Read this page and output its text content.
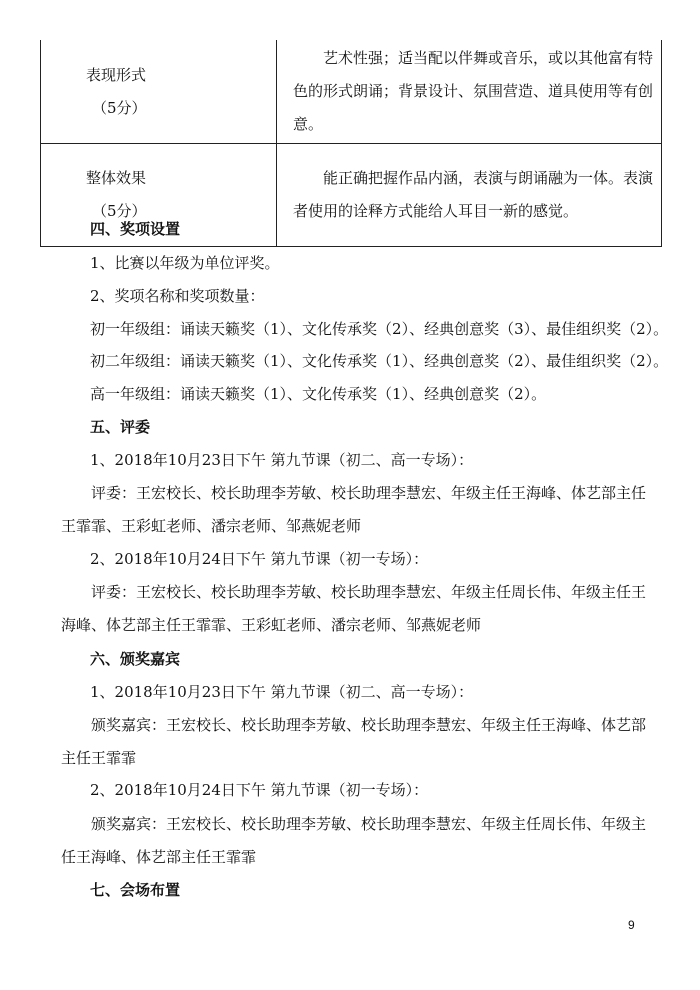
表现形式
（5分）	艺术性强；适当配以伴舞或音乐，或以其他富有特色的形式朗诵；背景设计、氛围营造、道具使用等有创意。
整体效果
（5分）	能正确把握作品内涵，表演与朗诵融为一体。表演者使用的诠释方式能给人耳目一新的感觉。
四、奖项设置
1、比赛以年级为单位评奖。
2、奖项名称和奖项数量：
初一年级组：诵读天籁奖（1）、文化传承奖（2）、经典创意奖（3）、最佳组织奖（2）。
初二年级组：诵读天籁奖（1）、文化传承奖（1）、经典创意奖（2）、最佳组织奖（2）。
高一年级组：诵读天籁奖（1）、文化传承奖（1）、经典创意奖（2）。
五、评委
1、2018年10月23日下午 第九节课（初二、高一专场）：
评委：王宏校长、校长助理李芳敏、校长助理李慧宏、年级主任王海峰、体艺部主任王霏霏、王彩虹老师、潘宗老师、邹燕妮老师
2、2018年10月24日下午 第九节课（初一专场）：
评委：王宏校长、校长助理李芳敏、校长助理李慧宏、年级主任周长伟、年级主任王海峰、体艺部主任王霏霏、王彩虹老师、潘宗老师、邹燕妮老师
六、颁奖嘉宾
1、2018年10月23日下午 第九节课（初二、高一专场）：
颁奖嘉宾：王宏校长、校长助理李芳敏、校长助理李慧宏、年级主任王海峰、体艺部主任王霏霏
2、2018年10月24日下午 第九节课（初一专场）：
颁奖嘉宾：王宏校长、校长助理李芳敏、校长助理李慧宏、年级主任周长伟、年级主任王海峰、体艺部主任王霏霏
七、会场布置
9
